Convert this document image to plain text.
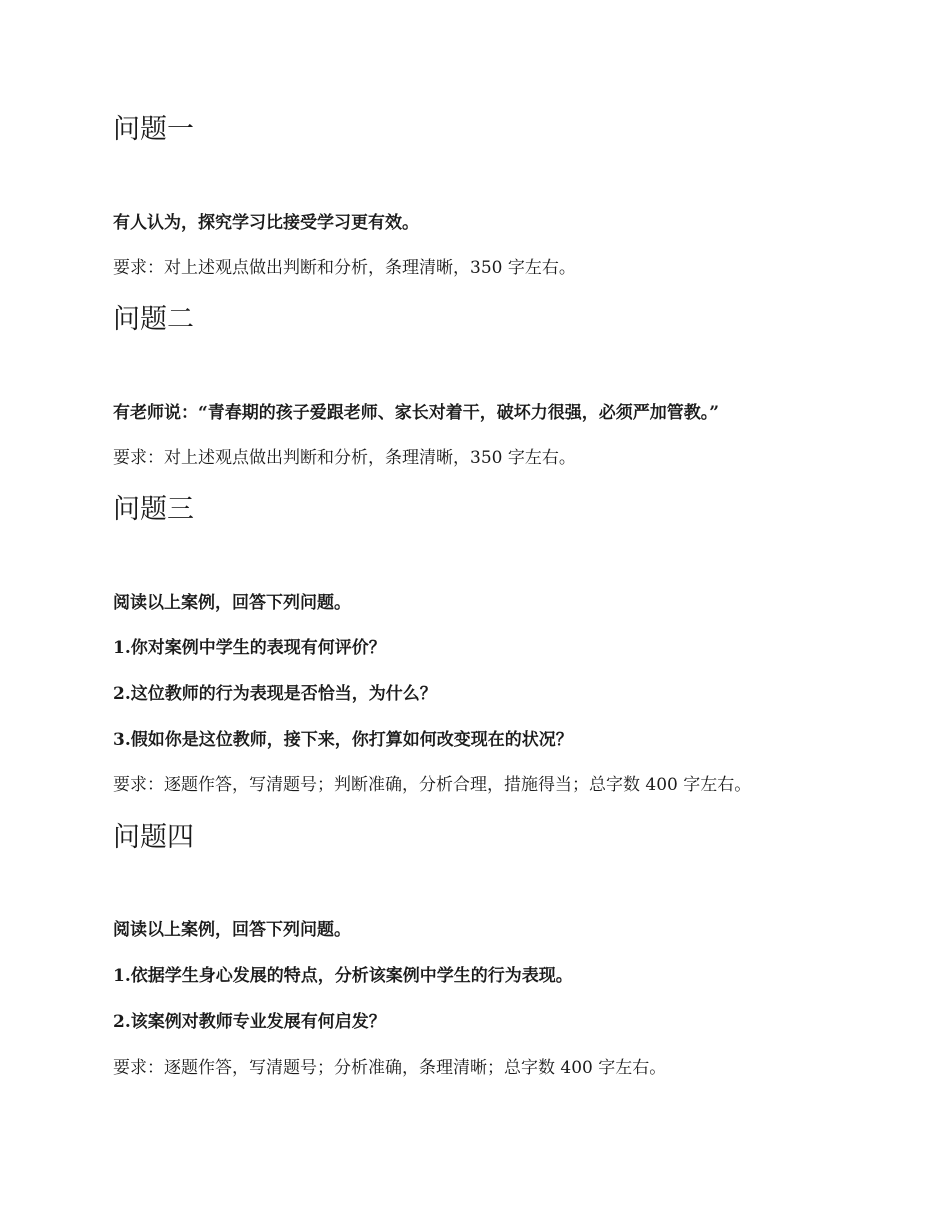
问题一

有人认为，探究学习比接受学习更有效。

要求：对上述观点做出判断和分析，条理清晰，350 字左右。

问题二

有老师说：“青春期的孩子爱跟老师、家长对着干，破坏力很强，必须严加管教。”

要求：对上述观点做出判断和分析，条理清晰，350 字左右。

问题三

阅读以上案例，回答下列问题。

1.你对案例中学生的表现有何评价？

2.这位教师的行为表现是否恰当，为什么？

3.假如你是这位教师，接下来，你打算如何改变现在的状况？

要求：逐题作答，写清题号；判断准确，分析合理，措施得当；总字数 400 字左右。

问题四

阅读以上案例，回答下列问题。

1.依据学生身心发展的特点，分析该案例中学生的行为表现。

2.该案例对教师专业发展有何启发？

要求：逐题作答，写清题号；分析准确，条理清晰；总字数 400 字左右。
